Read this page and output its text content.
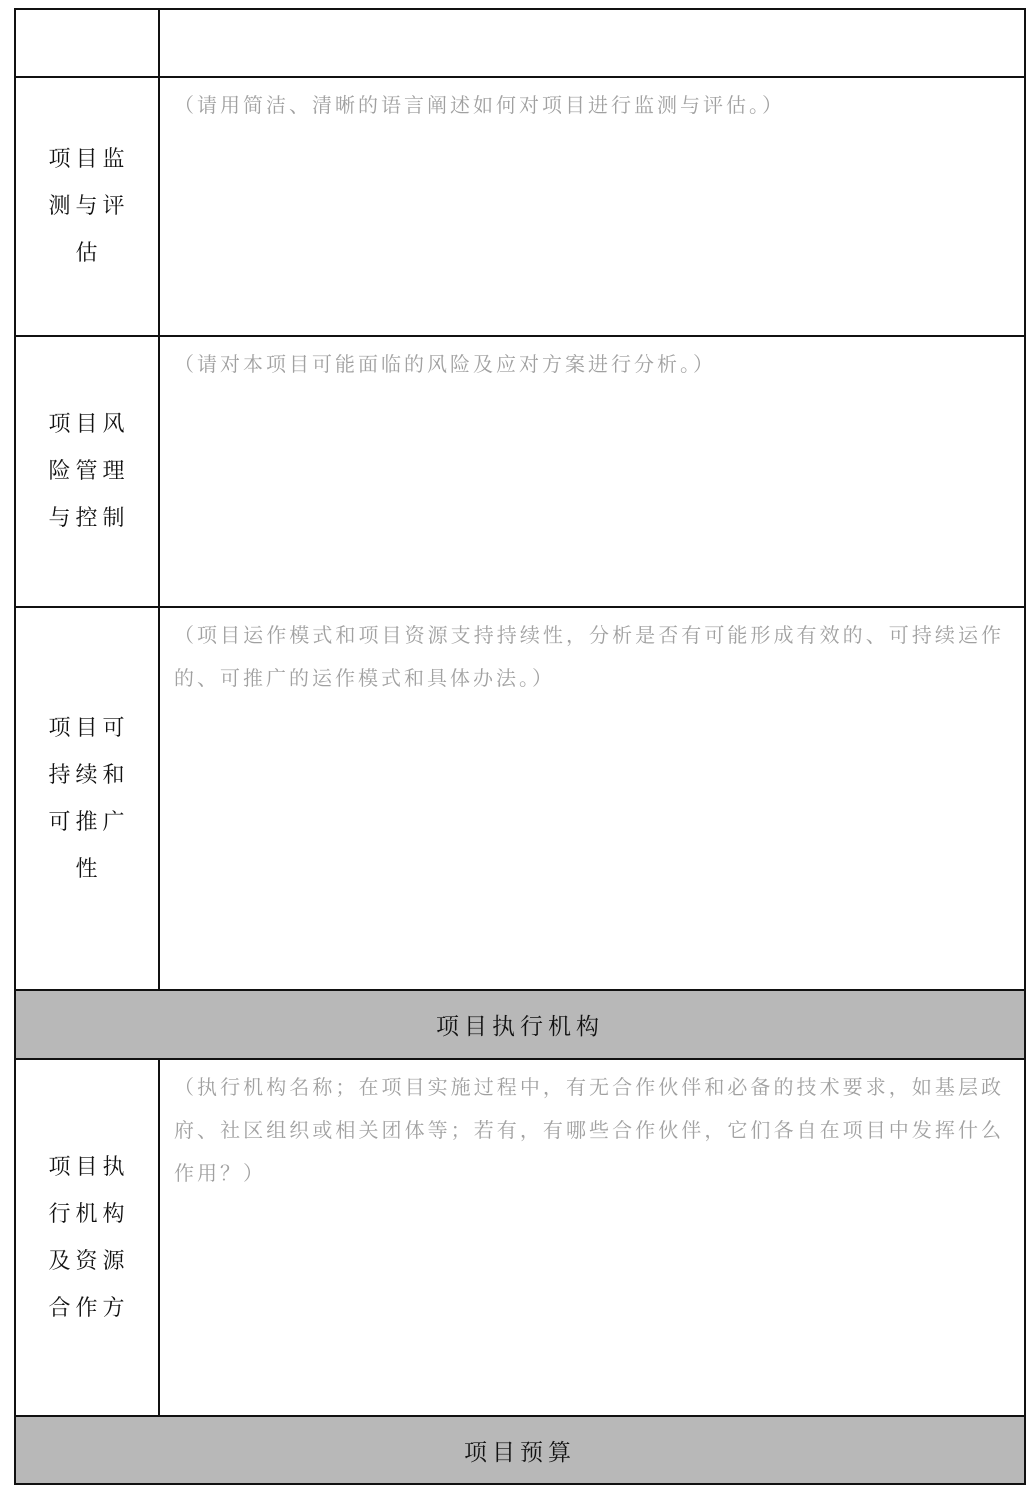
项目监测与评估	（请用简洁、清晰的语言阐述如何对项目进行监测与评估。）

项目风险管理与控制	（请对本项目可能面临的风险及应对方案进行分析。）

项目可持续和可推广性	（项目运作模式和项目资源支持持续性，分析是否有可能形成有效的、可持续运作的、可推广的运作模式和具体办法。）
项目执行机构	

项目执行机构及资源合作方	（执行机构名称；在项目实施过程中，有无合作伙伴和必备的技术要求，如基层政府、社区组织或相关团体等；若有，有哪些合作伙伴，它们各自在项目中发挥什么作用？）
项目预算	
